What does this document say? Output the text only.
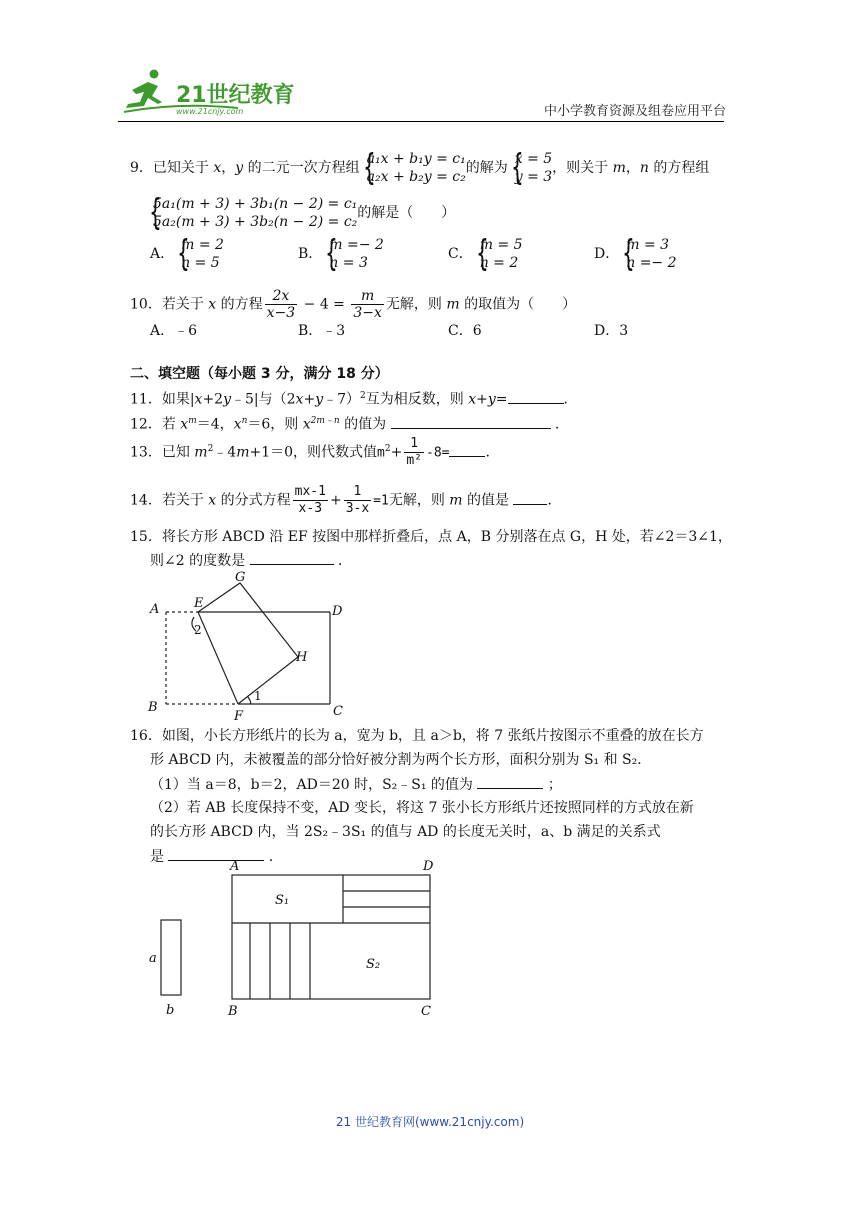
21世纪教育
www.21cnjy.com	中小学教育资源及组卷应用平台
9．已知关于 x，y 的二元一次方程组 {
a₁x + b₁y = c₁
a₂x + b₂y = c₂的解为 {
x = 5
y = 3，则关于 m，n 的方程组
{
5a₁(m + 3) + 3b₁(n − 2) = c₁
5a₂(m + 3) + 3b₂(n − 2) = c₂的解是（　　）
A． {
m = 2
n = 5
B． {
m =− 2
n = 3
C． {
m = 5
n = 2
D． {
m = 3
n =− 2
10．若关于 x 的方程 $\frac{2x}{x-3} - 4 = \frac{m}{3-x}$ 无解，则 m 的取值为（　　）
A．﹣6	B．﹣3	C．6	D．3
二、填空题（每小题 3 分，满分 18 分）
11．如果|x+2y﹣5|与（2x+y﹣7）$^2$互为相反数，则 x+y=	．
12．若 $x^m=4$，$x^n=6$，则 $x^{2m﹣n}$ 的值为	．
13．已知 $m^2﹣4m+1=0$，则代数式值$m^2+ \frac{1}{\text{m²}} -8=$	.
14．若关于 x 的分式方程 $\frac{mx-1}{x-3} + \frac{1}{3-x} =1$无解，则 m 的值是	.
15．将长方形 ABCD 沿 EF 按图中那样折叠后，点 A，B 分别落在点 G，H 处，若∠2＝3∠1，
则∠2 的度数是	．
A
B	C
D
E
F
G
H
2
1
16．如图，小长方形纸片的长为 a，宽为 b，且 a＞b，将 7 张纸片按图示不重叠的放在长方
形 ABCD 内，未被覆盖的部分恰好被分割为两个长方形，面积分别为 S₁ 和 S₂．
（1）当 a＝8，b＝2，AD＝20 时，S₂﹣S₁ 的值为	；
（2）若 AB 长度保持不变，AD 变长，将这 7 张小长方形纸片还按照同样的方式放在新
的长方形 ABCD 内，当 2S₂﹣3S₁ 的值与 AD 的长度无关时，a、b 满足的关系式
是	．
a
b
A	D
B	C
S₁
S₂
21 世纪教育网(www.21cnjy.com)
